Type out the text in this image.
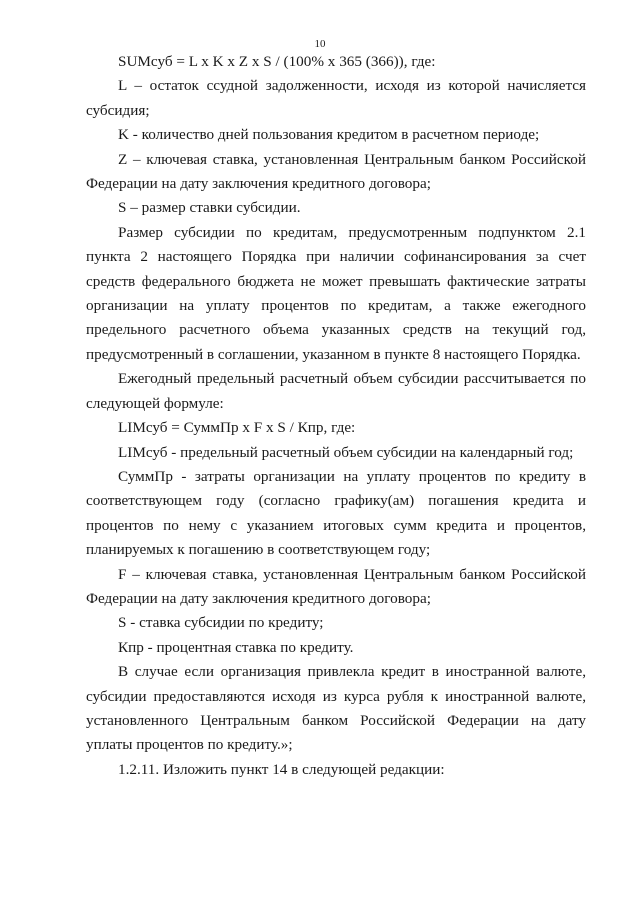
10

SUMсуб = L x K x Z x S / (100% x 365 (366)), где:

L – остаток ссудной задолженности, исходя из которой начисляется субсидия;

K - количество дней пользования кредитом в расчетном периоде;

Z – ключевая ставка, установленная Центральным банком Российской Федерации на дату заключения кредитного договора;

S – размер ставки субсидии.

Размер субсидии по кредитам, предусмотренным подпунктом 2.1 пункта 2 настоящего Порядка при наличии софинансирования за счет средств федерального бюджета не может превышать фактические затраты организации на уплату процентов по кредитам, а также ежегодного предельного расчетного объема указанных средств на текущий год, предусмотренный в соглашении, указанном в пункте 8 настоящего Порядка.

Ежегодный предельный расчетный объем субсидии рассчитывается по следующей формуле:

LIMсуб = СуммПр x F x S / Кпр, где:

LIMсуб - предельный расчетный объем субсидии на календарный год;

СуммПр - затраты организации на уплату процентов по кредиту в соответствующем году (согласно графику(ам) погашения кредита и процентов по нему с указанием итоговых сумм кредита и процентов, планируемых к погашению в соответствующем году;

F – ключевая ставка, установленная Центральным банком Российской Федерации на дату заключения кредитного договора;

S - ставка субсидии по кредиту;

Кпр - процентная ставка по кредиту.

В случае если организация привлекла кредит в иностранной валюте, субсидии предоставляются исходя из курса рубля к иностранной валюте, установленного Центральным банком Российской Федерации на дату уплаты процентов по кредиту.»;

1.2.11. Изложить пункт 14 в следующей редакции:
